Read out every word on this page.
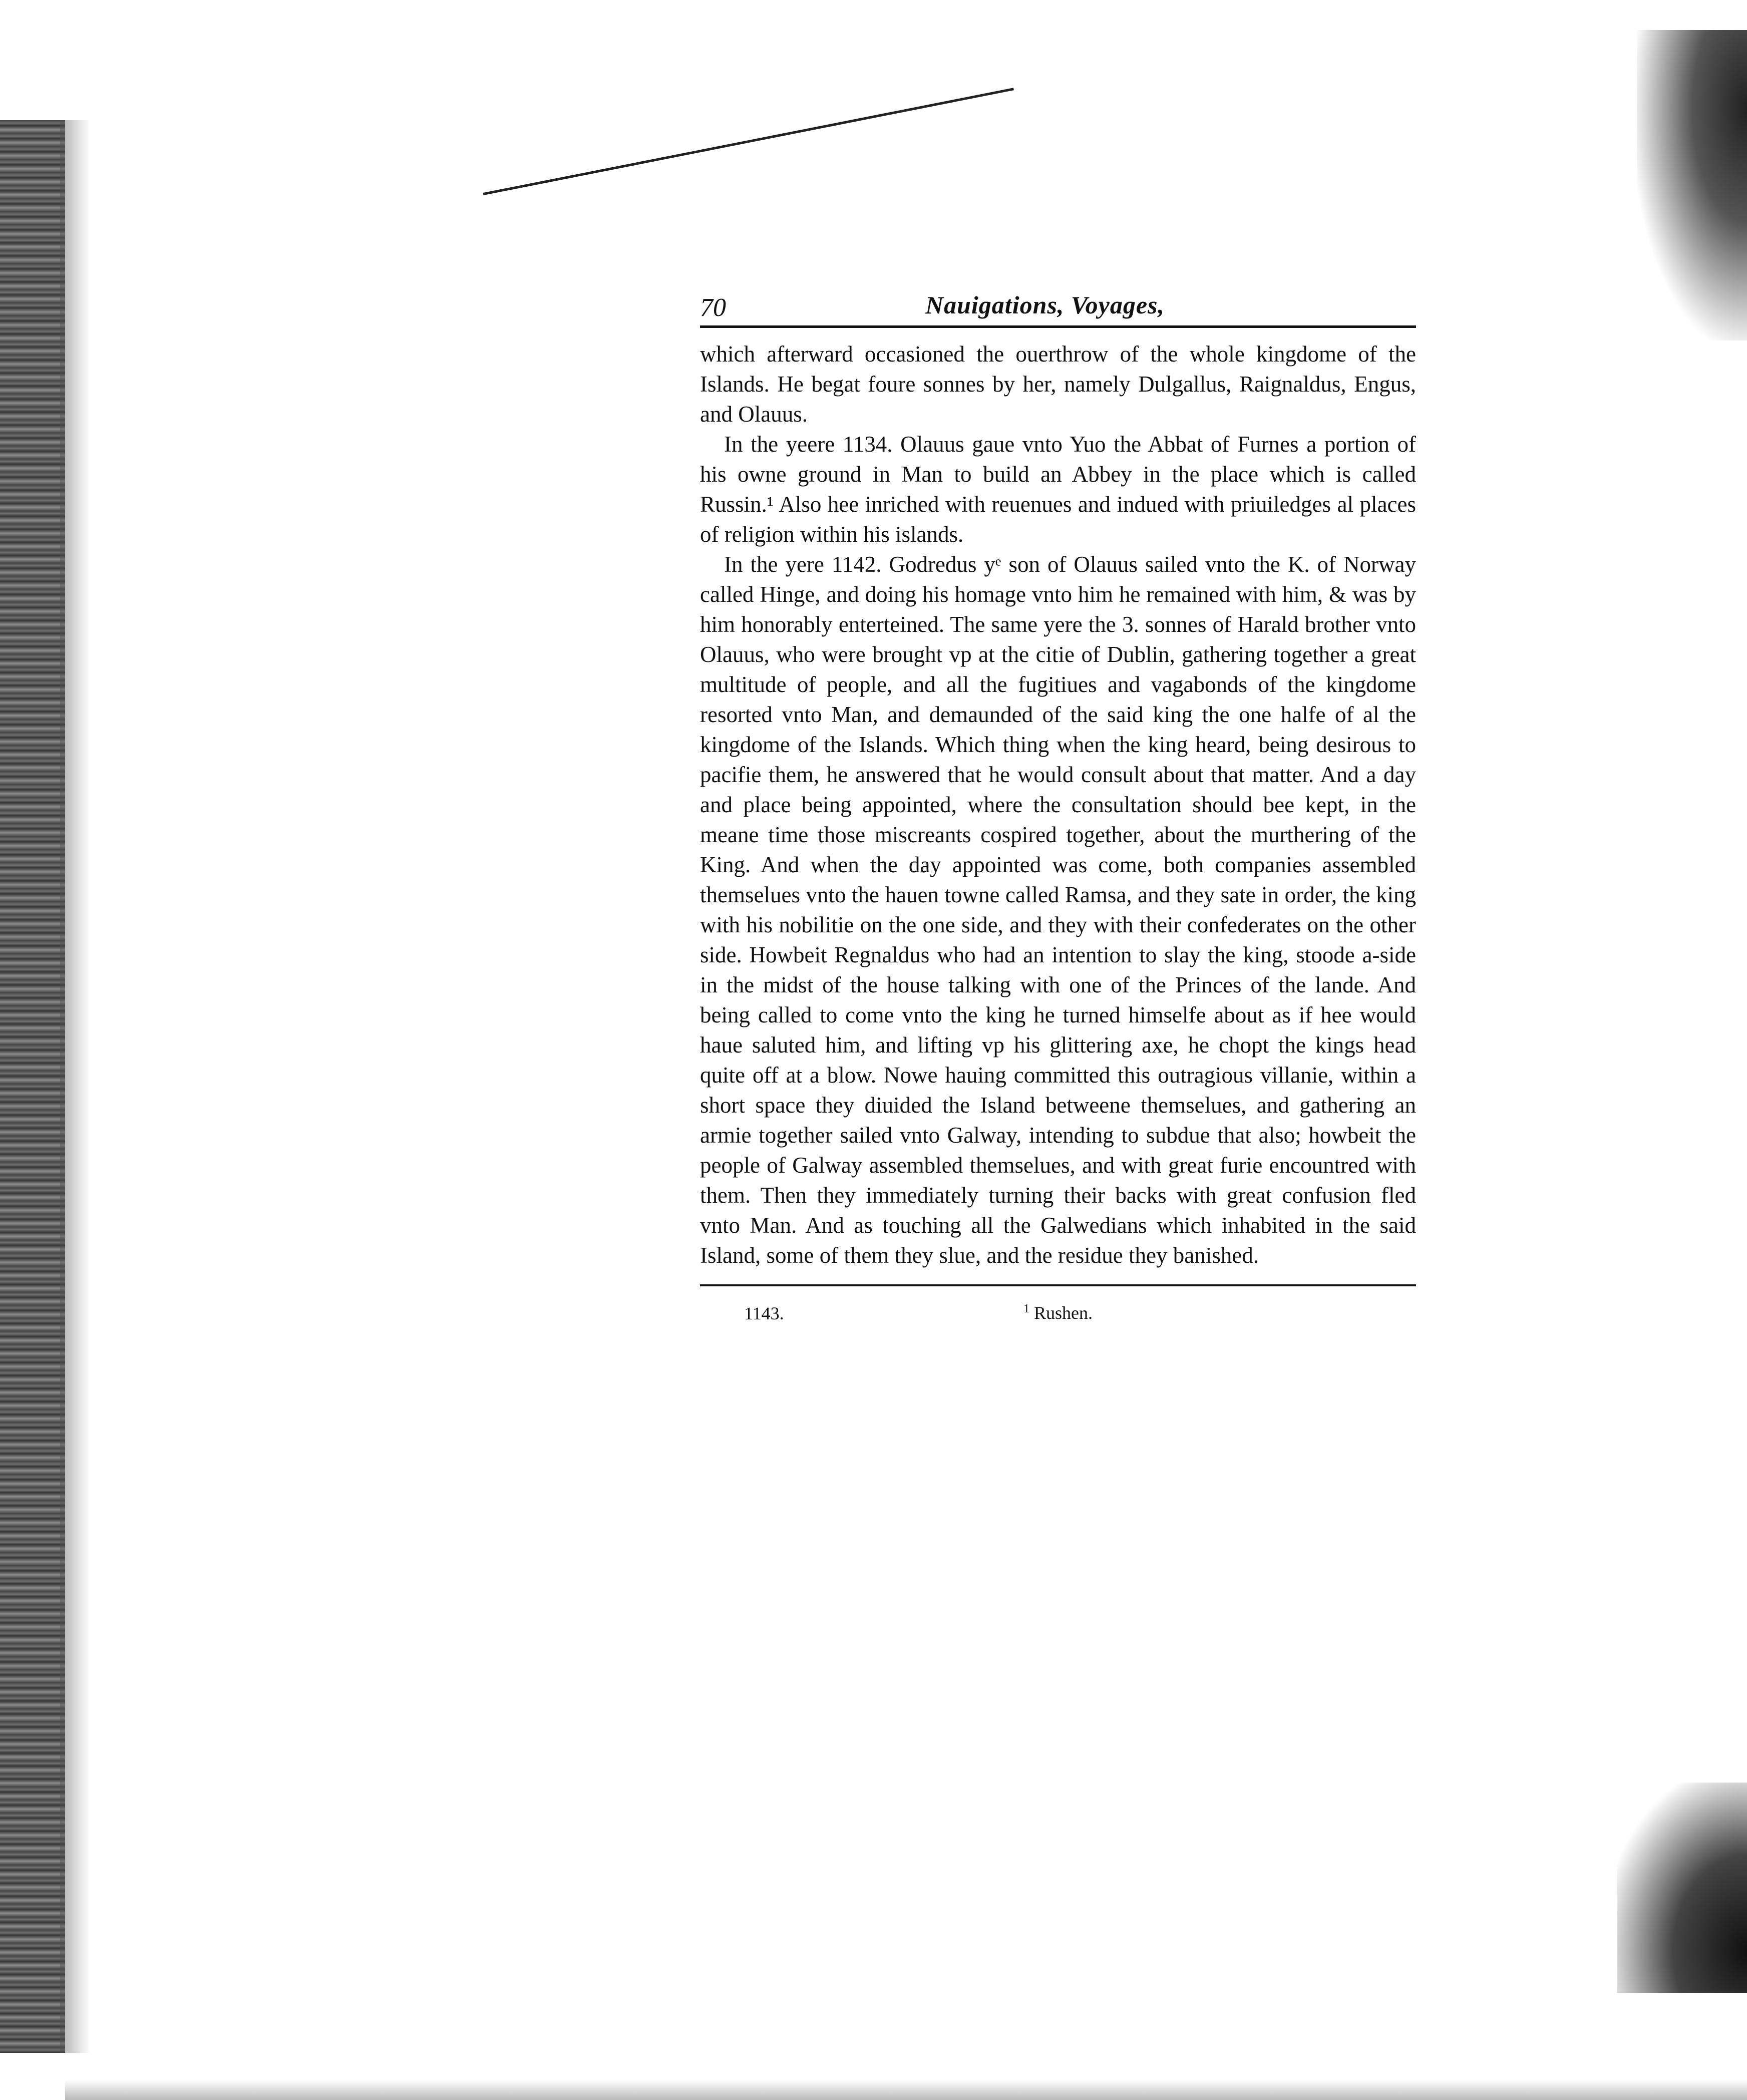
70	Nauigations, Voyages,

which afterward occasioned the ouerthrow of the whole kingdome of the Islands. He begat foure sonnes by her, namely Dulgallus, Raignaldus, Engus, and Olauus.

In the yeere 1134. Olauus gaue vnto Yuo the Abbat of Furnes a portion of his owne ground in Man to build an Abbey in the place which is called Russin.¹ Also hee inriched with reuenues and indued with priuiledges al places of religion within his islands.

In the yere 1142. Godredus yᵉ son of Olauus sailed vnto the K. of Norway called Hinge, and doing his homage vnto him he remained with him, & was by him honorably enterteined. The same yere the 3. sonnes of Harald brother vnto Olauus, who were brought vp at the citie of Dublin, gathering together a great multitude of people, and all the fugitiues and vagabonds of the kingdome resorted vnto Man, and demaunded of the said king the one halfe of al the kingdome of the Islands. Which thing when the king heard, being desirous to pacifie them, he answered that he would consult about that matter. And a day and place being appointed, where the consultation should bee kept, in the meane time those miscreants cospired together, about the murthering of the King. And when the day appointed was come, both companies assembled themselues vnto the hauen towne called Ramsa, and they sate in order, the king with his nobilitie on the one side, and they with their confederates on the other side. Howbeit Regnaldus who had an intention to slay the king, stoode a-side in the midst of the house talking with one of the Princes of the lande. And being called to come vnto the king he turned himselfe about as if hee would haue saluted him, and lifting vp his glittering axe, he chopt the kings head quite off at a blow. Nowe hauing committed this outragious villanie, within a short space they diuided the Island betweene themselues, and gathering an armie together sailed vnto Galway, intending to subdue that also; howbeit the people of Galway assembled themselues, and with great furie encountred with them. Then they immediately turning their backs with great confusion fled vnto Man. And as touching all the Galwedians which inhabited in the said Island, some of them they slue, and the residue they banished.

1143.	$^1$ Rushen.
